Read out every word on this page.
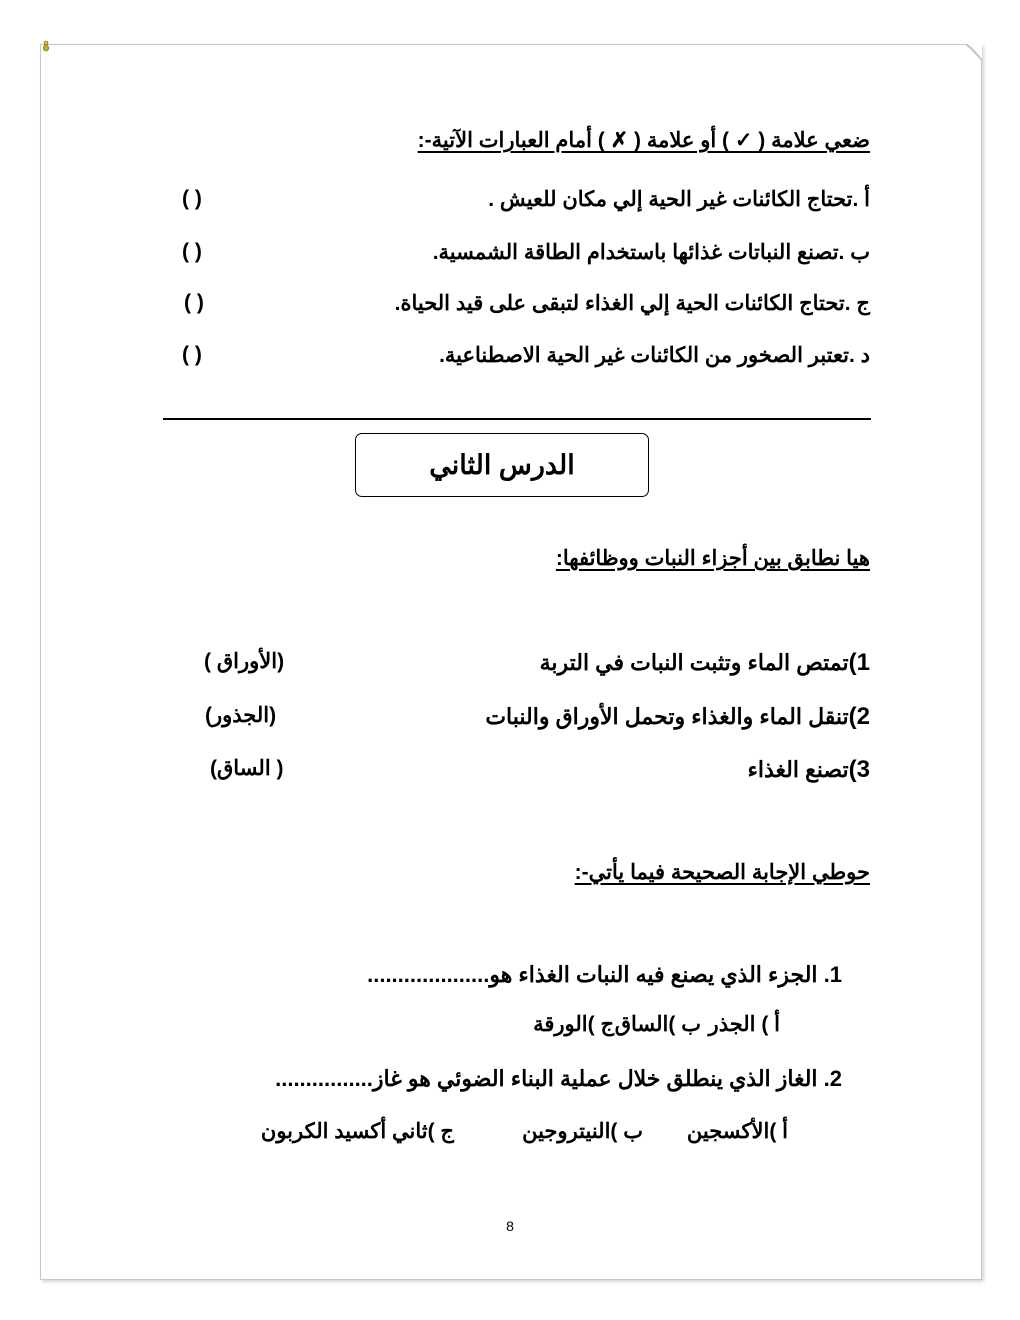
ضعي علامة ( ✓ ) أو علامة ( ✗ ) أمام العبارات الآتية-:
أ .تحتاج الكائنات غير الحية إلي مكان للعيش .
( )
ب .تصنع النباتات غذائها باستخدام الطاقة الشمسية.
( )
ج .تحتاج الكائنات الحية إلي الغذاء لتبقى على قيد الحياة.
( )
د .تعتبر الصخور من الكائنات غير الحية الاصطناعية.
( )
الدرس الثاني
هيا نطابق بين أجزاء النبات ووظائفها:
1)تمتص الماء وتثبت النبات في التربة
( الأوراق)
2)تنقل الماء والغذاء وتحمل الأوراق والنبات
(الجذور)
3)تصنع الغذاء
(الساق )
حوطي الإجابة الصحيحة فيما يأتي-:
1. الجزء الذي يصنع فيه النبات الغذاء هو....................
أ ) الجذر
ب )الساق
ج )الورقة
2. الغاز الذي ينطلق خلال عملية البناء الضوئي هو غاز................
أ )الأكسجين
ب )النيتروجين
ج )ثاني أكسيد الكربون
8
